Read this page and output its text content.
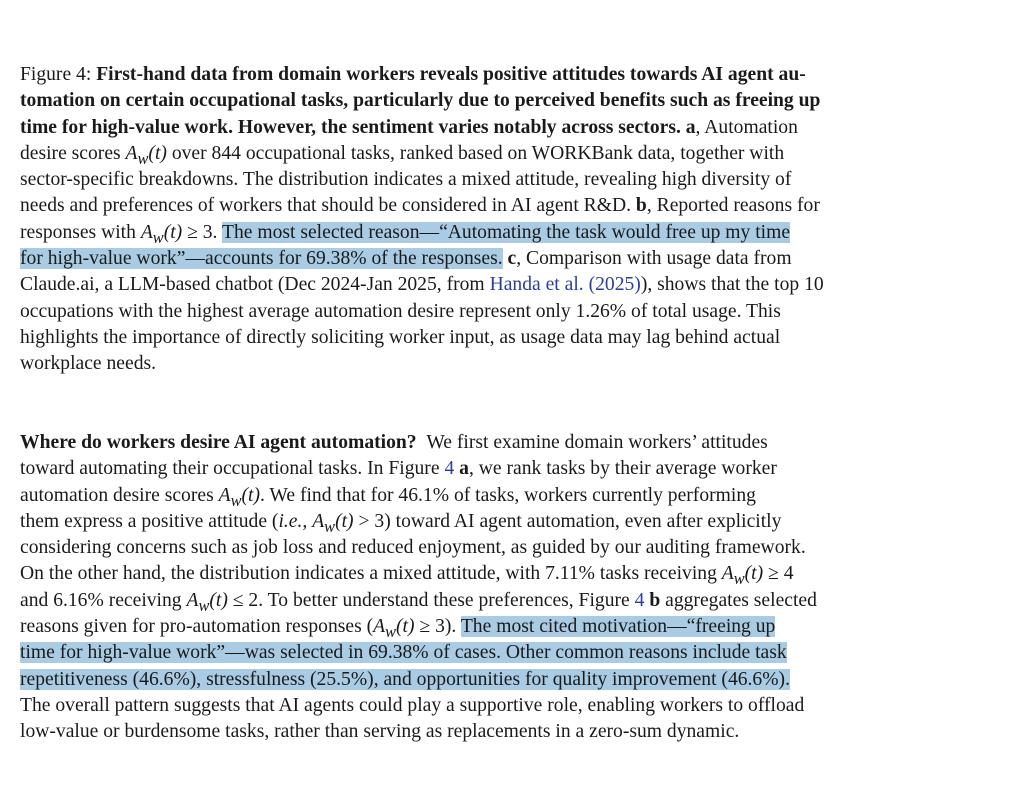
Figure 4: First-hand data from domain workers reveals positive attitudes towards AI agent au-
tomation on certain occupational tasks, particularly due to perceived benefits such as freeing up
time for high-value work. However, the sentiment varies notably across sectors. a, Automation
desire scores $A_w(t)$ over 844 occupational tasks, ranked based on WORKBank data, together with
sector-specific breakdowns. The distribution indicates a mixed attitude, revealing high diversity of
needs and preferences of workers that should be considered in AI agent R&D. b, Reported reasons for
responses with $A_w(t) \ge 3$. The most selected reason—“Automating the task would free up my time
for high-value work”—accounts for 69.38% of the responses. c, Comparison with usage data from
Claude.ai, a LLM-based chatbot (Dec 2024-Jan 2025, from Handa et al. (2025)), shows that the top 10
occupations with the highest average automation desire represent only 1.26% of total usage. This
highlights the importance of directly soliciting worker input, as usage data may lag behind actual
workplace needs.
Where do workers desire AI agent automation?  We first examine domain workers’ attitudes
toward automating their occupational tasks. In Figure 4 a, we rank tasks by their average worker
automation desire scores $A_w(t)$. We find that for 46.1% of tasks, workers currently performing
them express a positive attitude (i.e., $A_w(t) > 3$) toward AI agent automation, even after explicitly
considering concerns such as job loss and reduced enjoyment, as guided by our auditing framework.
On the other hand, the distribution indicates a mixed attitude, with 7.11% tasks receiving $A_w(t) \ge 4$
and 6.16% receiving $A_w(t) \le 2$. To better understand these preferences, Figure 4 b aggregates selected
reasons given for pro-automation responses $(A_w(t) \ge 3)$. The most cited motivation—“freeing up
time for high-value work”—was selected in 69.38% of cases. Other common reasons include task
repetitiveness (46.6%), stressfulness (25.5%), and opportunities for quality improvement (46.6%).
The overall pattern suggests that AI agents could play a supportive role, enabling workers to offload
low-value or burdensome tasks, rather than serving as replacements in a zero-sum dynamic.
